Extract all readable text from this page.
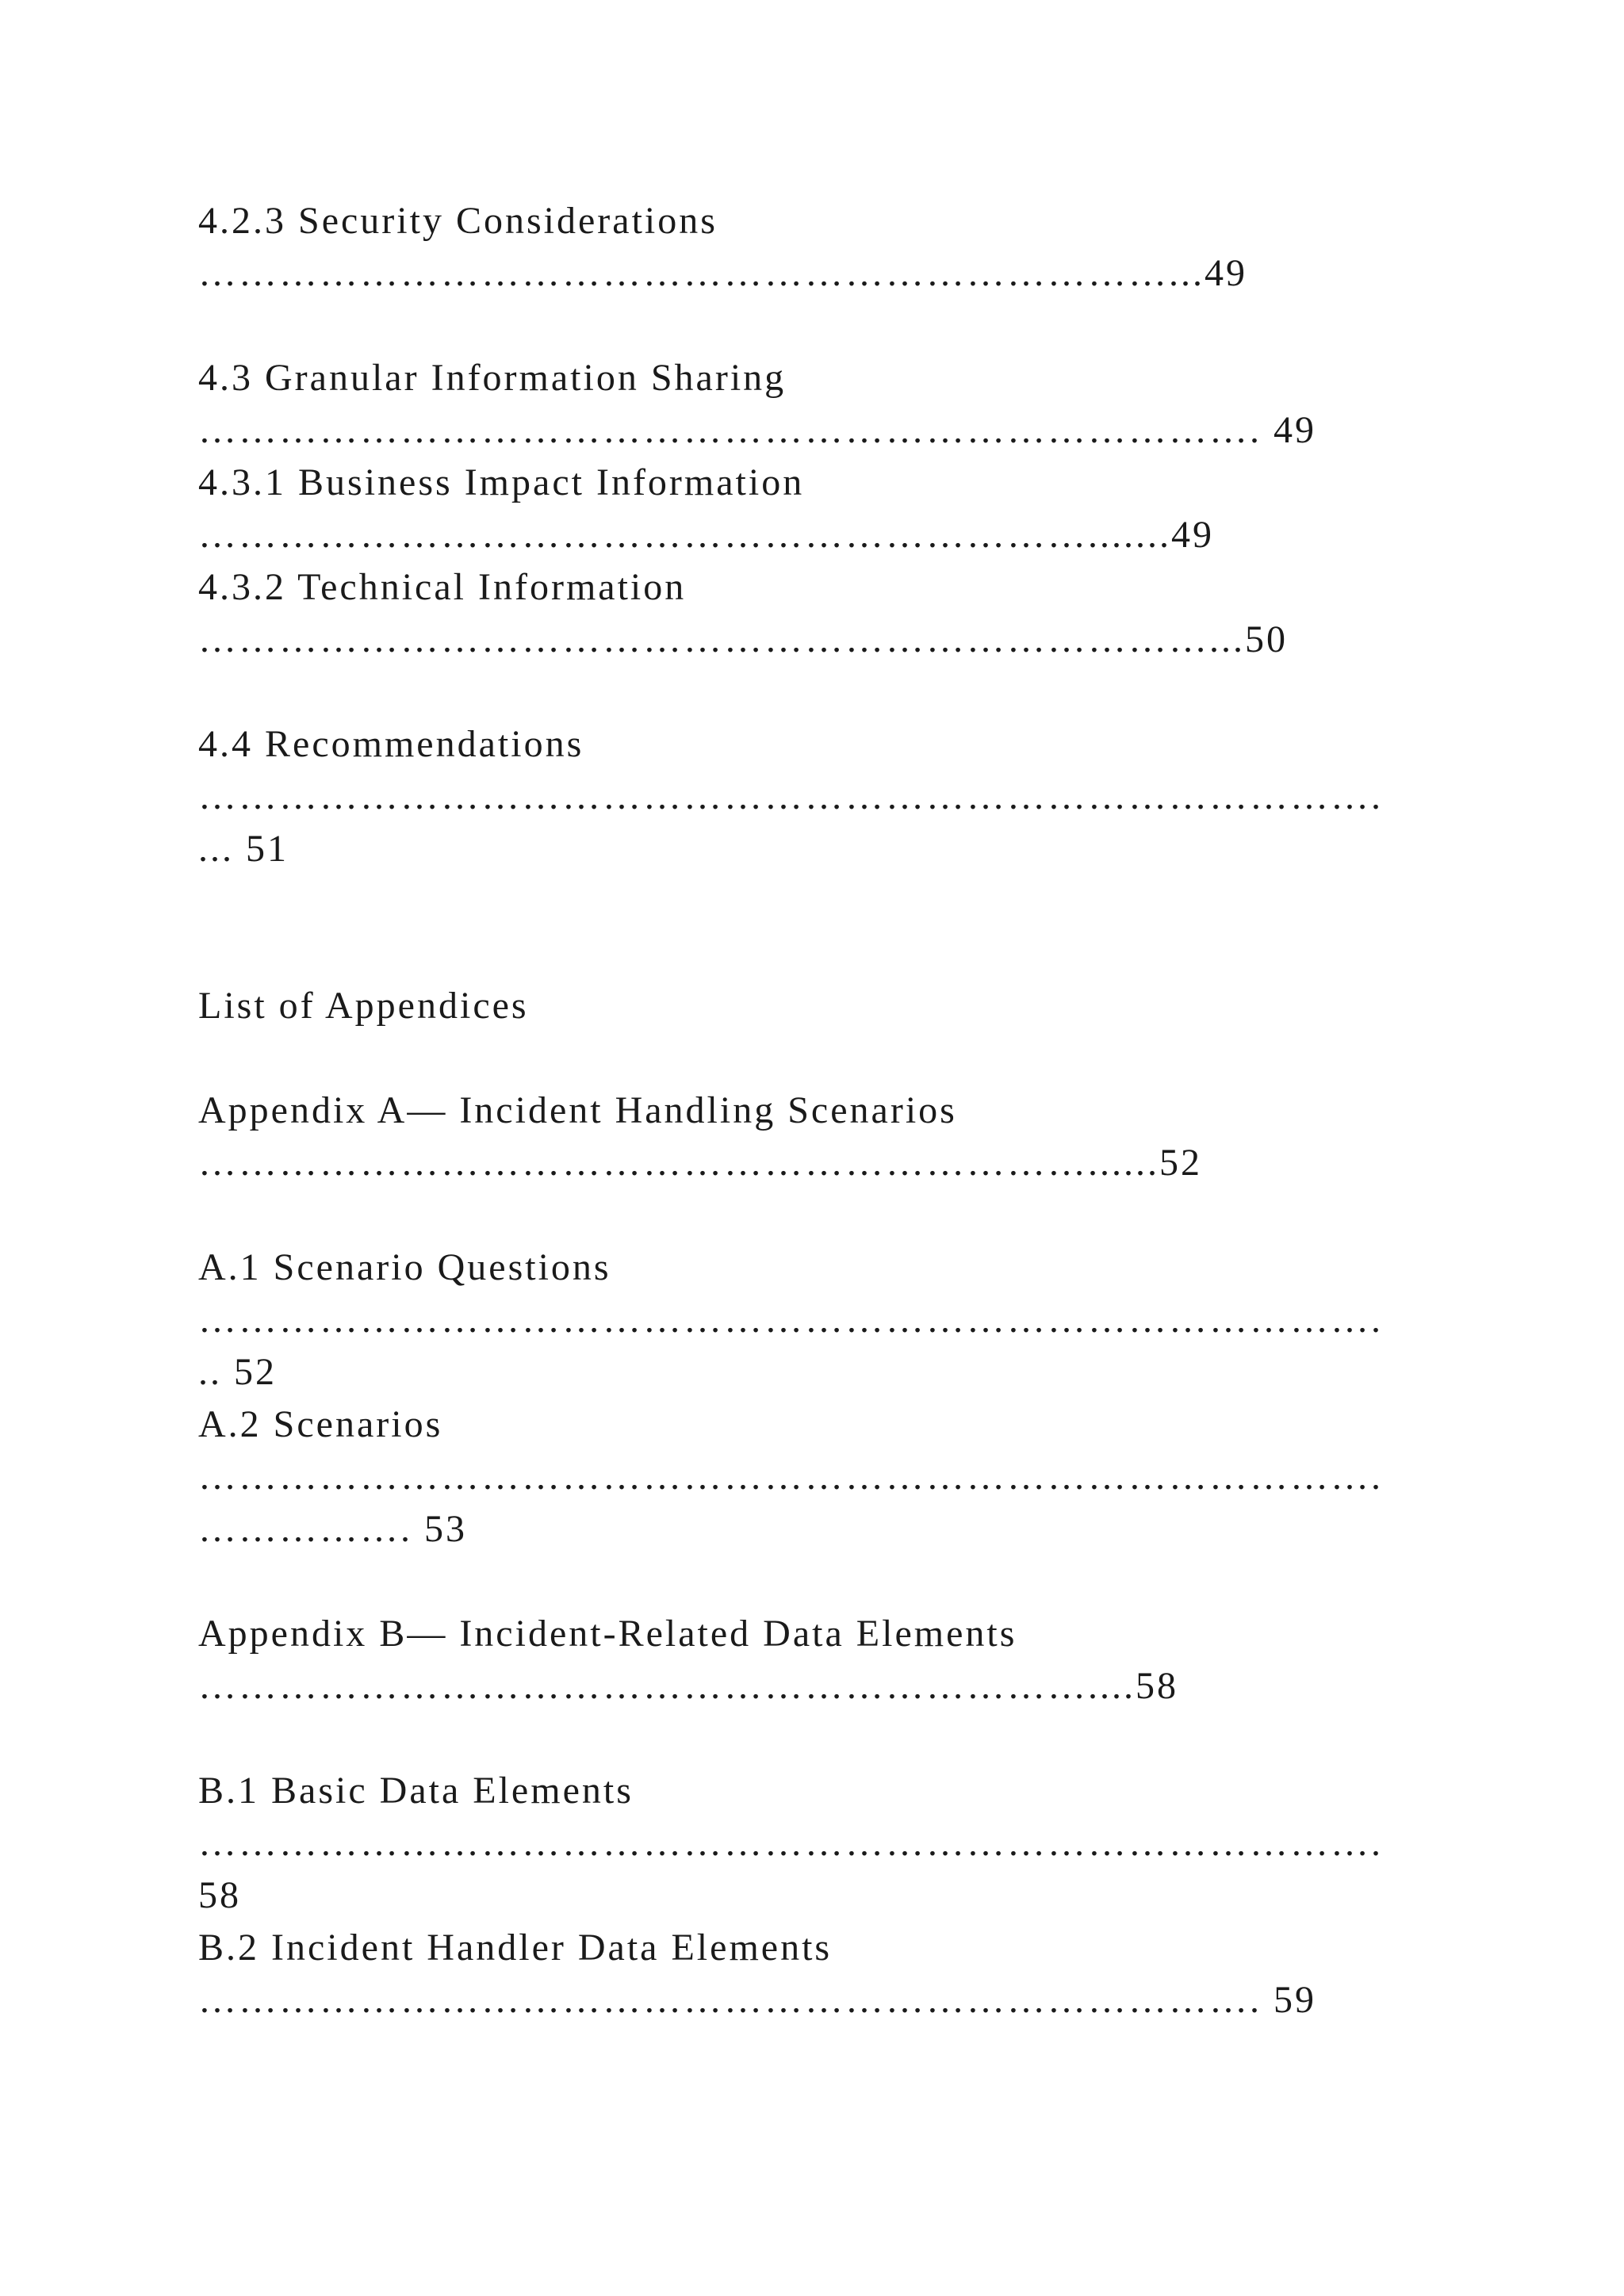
4.2.3 Security Considerations
………………………………………………………………...49
4.3 Granular Information Sharing
……………………………………………………………………. 49
4.3.1 Business Impact Information
………………………………………………………….......49
4.3.2 Technical Information
…………………………………………………………………...50
4.4 Recommendations
…………………………………………………………………………….
... 51
List of Appendices
Appendix A— Incident Handling Scenarios
…………………………………………………………......52
A.1 Scenario Questions
…………………………………………………………………………….
.. 52
A.2 Scenarios
…………………………………………………………………………….
……………. 53
Appendix B— Incident-Related Data Elements
…………………………………………………………....58
B.1 Basic Data Elements
…………………………………………………………………………….
58
B.2 Incident Handler Data Elements
……………………………………………………………………. 59
